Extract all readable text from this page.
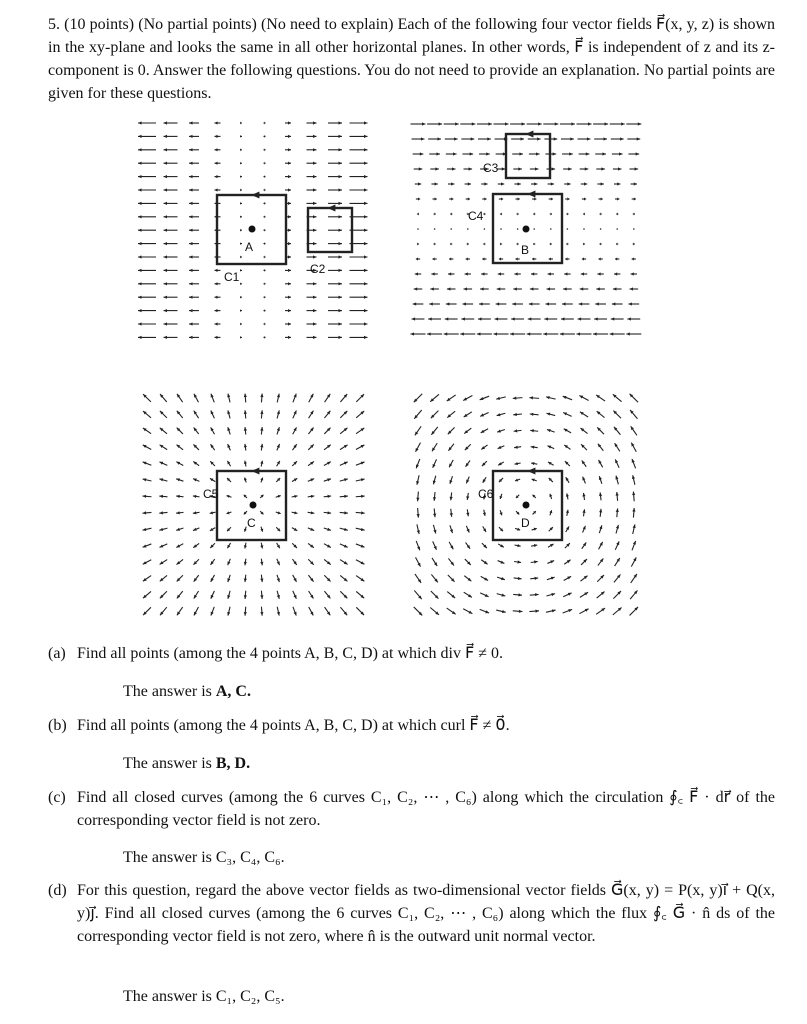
5. (10 points) (No partial points) (No need to explain) Each of the following four vector fields F⃗(x, y, z) is shown in the xy-plane and looks the same in all other horizontal planes. In other words, F⃗ is independent of z and its z-component is 0. Answer the following questions. You do not need to provide an explanation. No partial points are given for these questions.
A
C1
C2
B
C3
C4
C
C5
D
C6
(a) Find all points (among the 4 points A, B, C, D) at which div F⃗ ≠ 0.
The answer is A, C.
(b) Find all points (among the 4 points A, B, C, D) at which curl F⃗ ≠ 0⃗.
The answer is B, D.
(c) Find all closed curves (among the 6 curves C₁, C₂, ⋯ , C₆) along which the circulation ∮꜀ F⃗ · dr⃗ of the corresponding vector field is not zero.
The answer is C₃, C₄, C₆.
(d) For this question, regard the above vector fields as two-dimensional vector fields G⃗(x, y) = P(x, y)i⃗ + Q(x, y)j⃗. Find all closed curves (among the 6 curves C₁, C₂, ⋯ , C₆) along which the flux ∮꜀ G⃗ · n̂ ds of the corresponding vector field is not zero, where n̂ is the outward unit normal vector.
The answer is C₁, C₂, C₅.
